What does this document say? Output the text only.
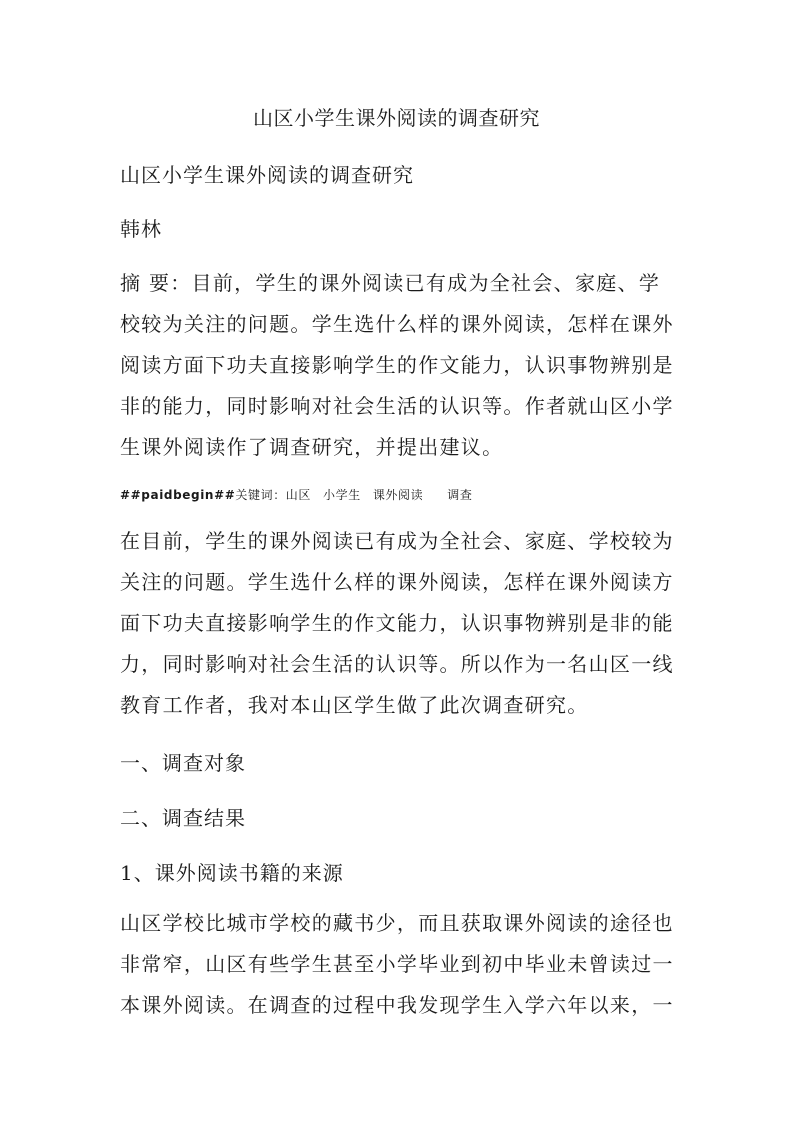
山区小学生课外阅读的调查研究

山区小学生课外阅读的调查研究

韩林

摘 要：目前，学生的课外阅读已有成为全社会、家庭、学
校较为关注的问题。学生选什么样的课外阅读，怎样在课外
阅读方面下功夫直接影响学生的作文能力，认识事物辨别是
非的能力，同时影响对社会生活的认识等。作者就山区小学
生课外阅读作了调查研究，并提出建议。
##paidbegin##关键词：山区 小学生 课外阅读 调查
在目前，学生的课外阅读已有成为全社会、家庭、学校较为
关注的问题。学生选什么样的课外阅读，怎样在课外阅读方
面下功夫直接影响学生的作文能力，认识事物辨别是非的能
力，同时影响对社会生活的认识等。所以作为一名山区一线
教育工作者，我对本山区学生做了此次调查研究。

一、调查对象

二、调查结果

1、课外阅读书籍的来源

山区学校比城市学校的藏书少，而且获取课外阅读的途径也
非常窄，山区有些学生甚至小学毕业到初中毕业未曾读过一
本课外阅读。在调查的过程中我发现学生入学六年以来，一
